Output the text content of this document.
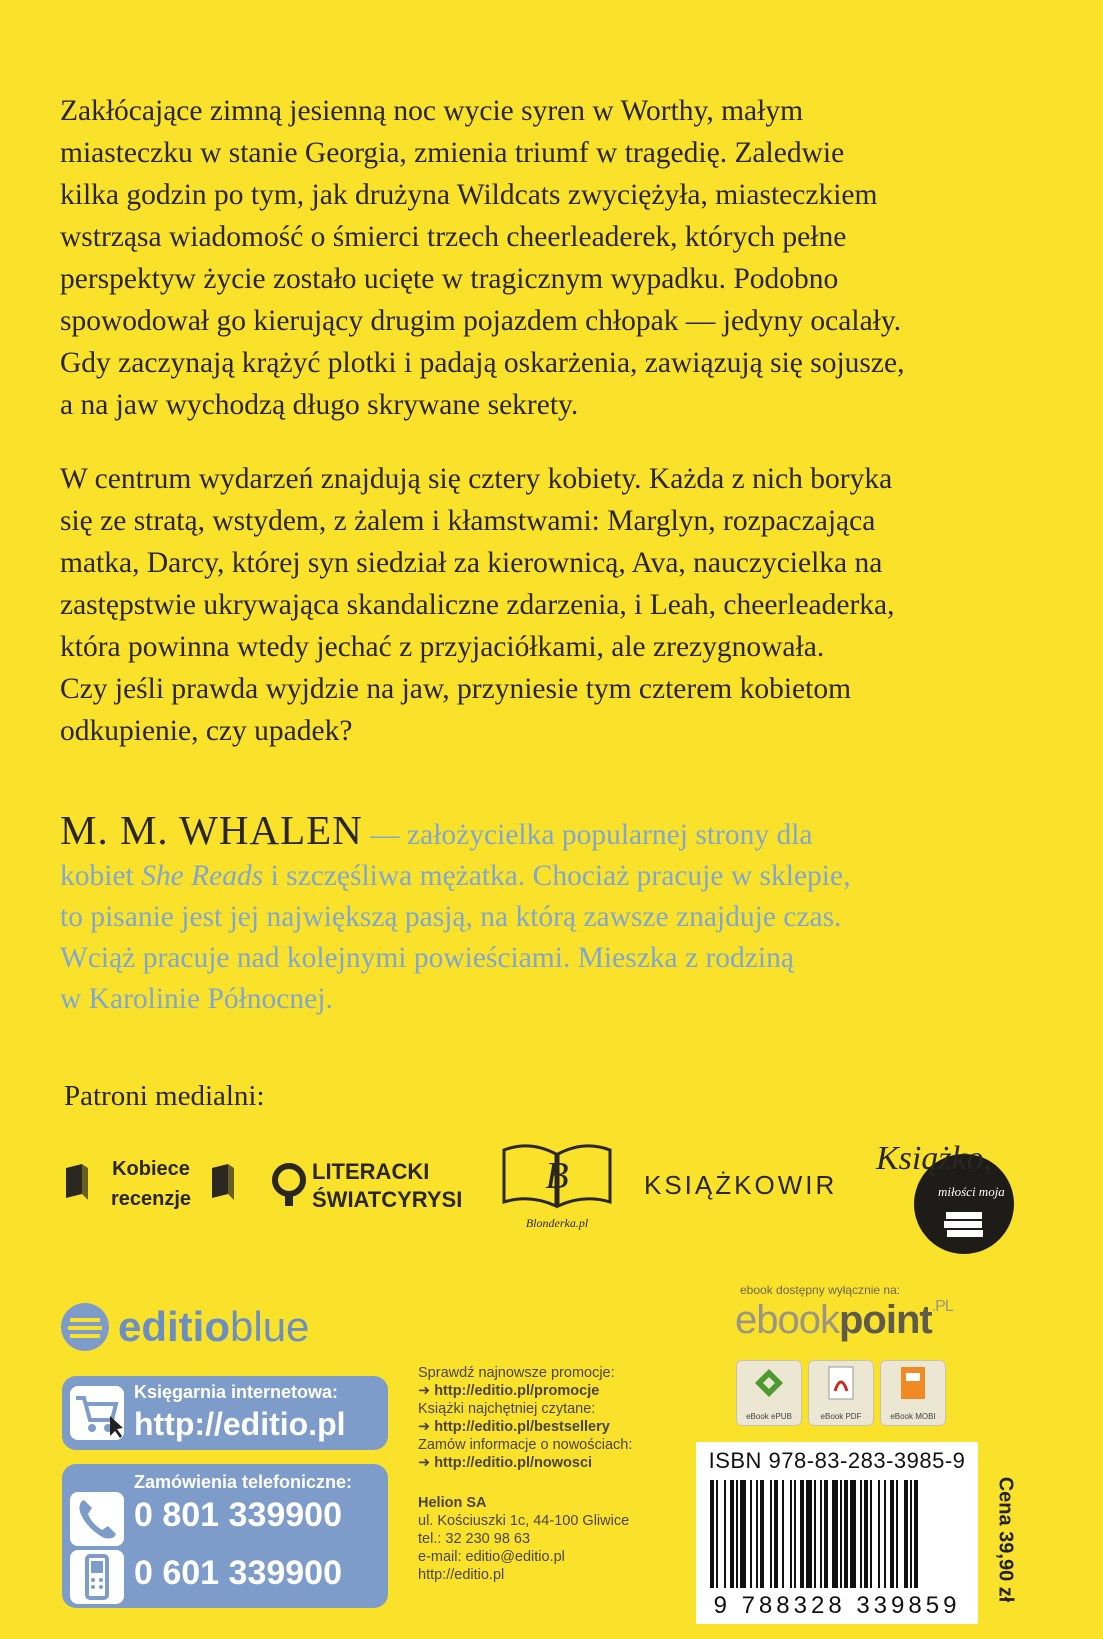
Zakłócające zimną jesienną noc wycie syren w Worthy, małym
miasteczku w stanie Georgia, zmienia triumf w tragedię. Zaledwie
kilka godzin po tym, jak drużyna Wildcats zwyciężyła, miasteczkiem
wstrząsa wiadomość o śmierci trzech cheerleaderek, których pełne
perspektyw życie zostało ucięte w tragicznym wypadku. Podobno
spowodował go kierujący drugim pojazdem chłopak — jedyny ocalały.
Gdy zaczynają krążyć plotki i padają oskarżenia, zawiązują się sojusze,
a na jaw wychodzą długo skrywane sekrety.
W centrum wydarzeń znajdują się cztery kobiety. Każda z nich boryka
się ze stratą, wstydem, z żalem i kłamstwami: Marglyn, rozpaczająca
matka, Darcy, której syn siedział za kierownicą, Ava, nauczycielka na
zastępstwie ukrywająca skandaliczne zdarzenia, i Leah, cheerleaderka,
która powinna wtedy jechać z przyjaciółkami, ale zrezygnowała.
Czy jeśli prawda wyjdzie na jaw, przyniesie tym czterem kobietom
odkupienie, czy upadek?
M. M. WHALEN — założycielka popularnej strony dla
kobiet She Reads i szczęśliwa mężatka. Chociaż pracuje w sklepie,
to pisanie jest jej największą pasją, na którą zawsze znajduje czas.
Wciąż pracuje nad kolejnymi powieściami. Mieszka z rodziną
w Karolinie Północnej.
Patroni medialni:
Kobiece
recenzje
LITERACKI
ŚWIATCYRYSI
B
Blonderka.pl
KSIĄŻKOWIR
Książko,
miłości moja
editioblue
Księgarnia internetowa:
http://editio.pl
Zamówienia telefoniczne:
0 801 339900
0 601 339900
Sprawdź najnowsze promocje:
➜ http://editio.pl/promocje
Książki najchętniej czytane:
➜ http://editio.pl/bestsellery
Zamów informacje o nowościach:
➜ http://editio.pl/nowosci
Helion SA
ul. Kościuszki 1c, 44-100 Gliwice
tel.: 32 230 98 63
e-mail: editio@editio.pl
http://editio.pl
ebook dostępny wyłącznie na:
ebookpoint$^{.PL}$
eBook ePUB	eBook PDF	eBook MOBI
ISBN 978-83-283-3985-9
9 788328 339859
Cena 39,90 zł
